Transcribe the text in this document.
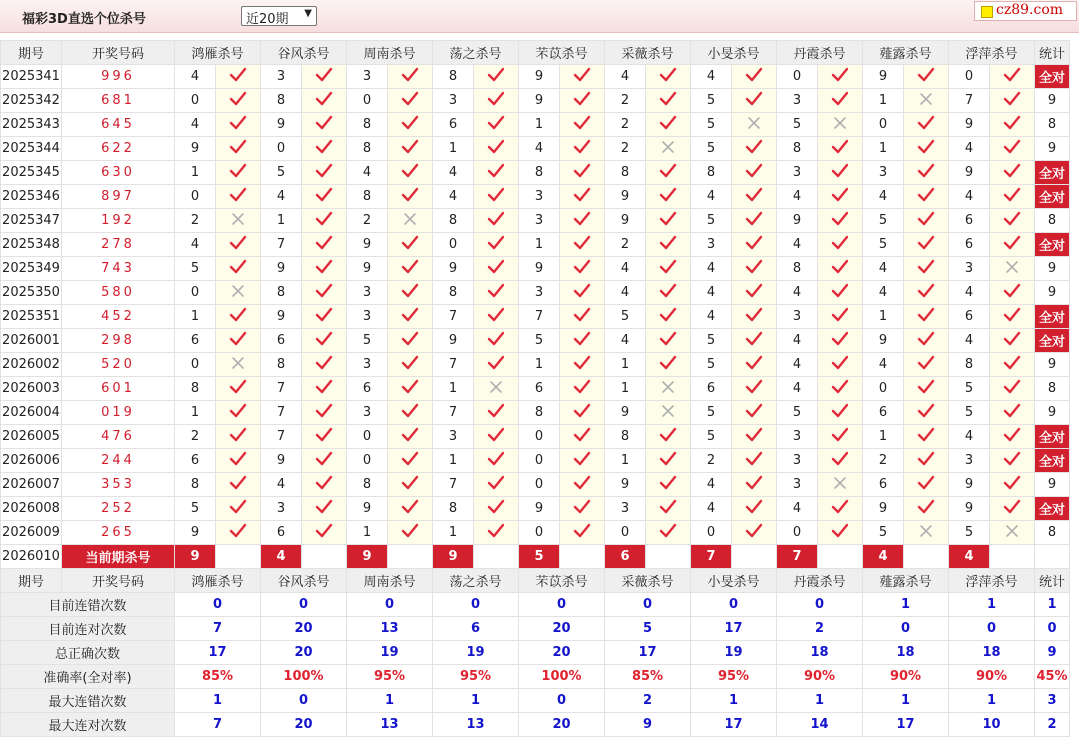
福彩3D直选个位杀号	近20期 ▼	cz89.com
期号	开奖号码	鸿雁杀号		谷风杀号		周南杀号		荡之杀号		芣苡杀号		采薇杀号		小旻杀号		丹霞杀号		薤露杀号		浮萍杀号		统计
2025341	996	4		3		3		8		9		4		4		0		9		0		全对
2025342	681	0		8		0		3		9		2		5		3		1		7		9
2025343	645	4		9		8		6		1		2		5		5		0		9		8
2025344	622	9		0		8		1		4		2		5		8		1		4		9
2025345	630	1		5		4		4		8		8		8		3		3		9		全对
2025346	897	0		4		8		4		3		9		4		4		4		4		全对
2025347	192	2		1		2		8		3		9		5		9		5		6		8
2025348	278	4		7		9		0		1		2		3		4		5		6		全对
2025349	743	5		9		9		9		9		4		4		8		4		3		9
2025350	580	0		8		3		8		3		4		4		4		4		4		9
2025351	452	1		9		3		7		7		5		4		3		1		6		全对
2026001	298	6		6		5		9		5		4		5		4		9		4		全对
2026002	520	0		8		3		7		1		1		5		4		4		8		9
2026003	601	8		7		6		1		6		1		6		4		0		5		8
2026004	019	1		7		3		7		8		9		5		5		6		5		9
2026005	476	2		7		0		3		0		8		5		3		1		4		全对
2026006	244	6		9		0		1		0		1		2		3		2		3		全对
2026007	353	8		4		8		7		0		9		4		3		6		9		9
2026008	252	5		3		9		8		9		3		4		4		9		9		全对
2026009	265	9		6		1		1		0		0		0		0		5		5		8
2026010	当前期杀号	9		4		9		9		5		6		7		7		4		4		
期号	开奖号码	鸿雁杀号		谷风杀号		周南杀号		荡之杀号		芣苡杀号		采薇杀号		小旻杀号		丹霞杀号		薤露杀号		浮萍杀号		统计
目前连错次数		0		0		0		0		0		0		0		0		1		1		1
目前连对次数		7		20		13		6		20		5		17		2		0		0		0
总正确次数		17		20		19		19		20		17		19		18		18		18		9
准确率(全对率)		85%		100%		95%		95%		100%		85%		95%		90%		90%		90%		45%
最大连错次数		1		0		1		1		0		2		1		1		1		1		3
最大连对次数		7		20		13		13		20		9		17		14		17		10		2
